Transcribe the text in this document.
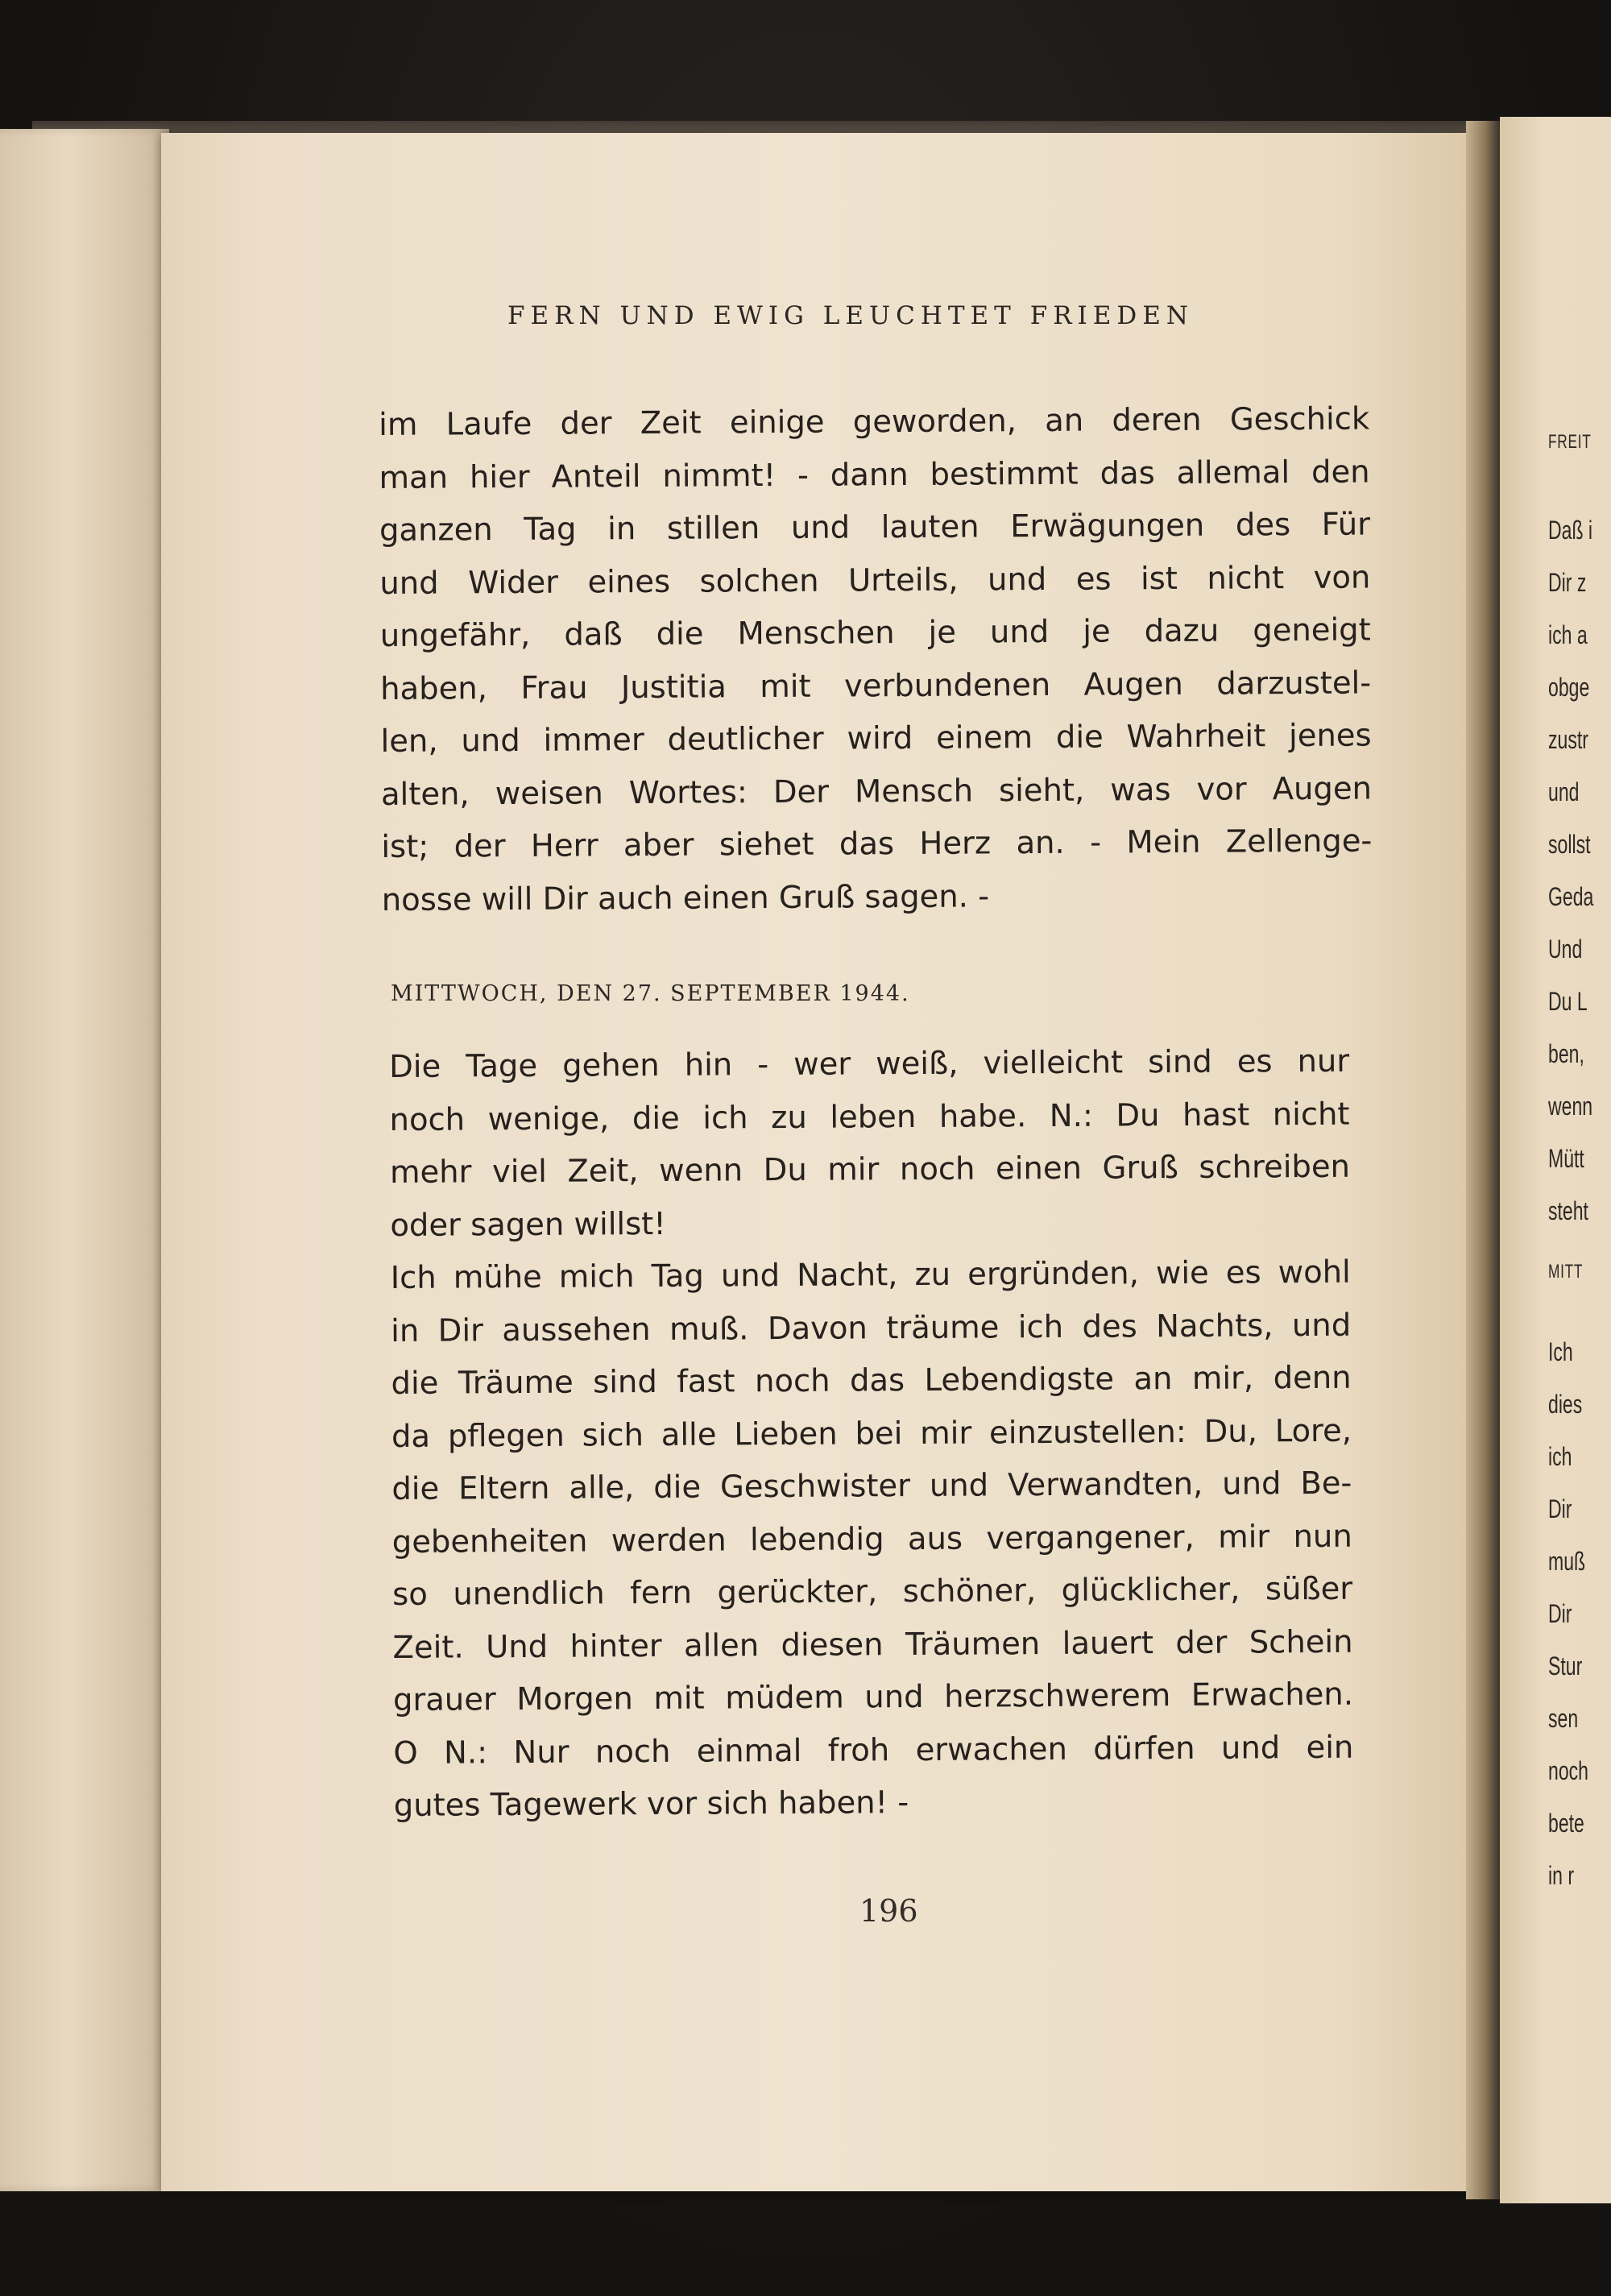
FERN UND EWIG LEUCHTET FRIEDEN
im Laufe der Zeit einige geworden, an deren Geschick
man hier Anteil nimmt! - dann bestimmt das allemal den
ganzen Tag in stillen und lauten Erwägungen des Für
und Wider eines solchen Urteils, und es ist nicht von
ungefähr, daß die Menschen je und je dazu geneigt
haben, Frau Justitia mit verbundenen Augen darzustel-
len, und immer deutlicher wird einem die Wahrheit jenes
alten, weisen Wortes: Der Mensch sieht, was vor Augen
ist; der Herr aber siehet das Herz an. - Mein Zellenge-
nosse will Dir auch einen Gruß sagen. -
MITTWOCH, DEN 27. SEPTEMBER 1944.
Die Tage gehen hin - wer weiß, vielleicht sind es nur
noch wenige, die ich zu leben habe. N.: Du hast nicht
mehr viel Zeit, wenn Du mir noch einen Gruß schreiben
oder sagen willst!
Ich mühe mich Tag und Nacht, zu ergründen, wie es wohl
in Dir aussehen muß. Davon träume ich des Nachts, und
die Träume sind fast noch das Lebendigste an mir, denn
da pflegen sich alle Lieben bei mir einzustellen: Du, Lore,
die Eltern alle, die Geschwister und Verwandten, und Be-
gebenheiten werden lebendig aus vergangener, mir nun
so unendlich fern gerückter, schöner, glücklicher, süßer
Zeit. Und hinter allen diesen Träumen lauert der Schein
grauer Morgen mit müdem und herzschwerem Erwachen.
O N.: Nur noch einmal froh erwachen dürfen und ein
gutes Tagewerk vor sich haben! -
196
FREIT
Daß i
Dir z
ich a
obge
zustr
und
sollst
Geda
Und
Du L
ben,
wenn
Mütt
steht
MITT
Ich
dies
ich
Dir
muß
Dir
Stur
sen
noch
bete
in r
